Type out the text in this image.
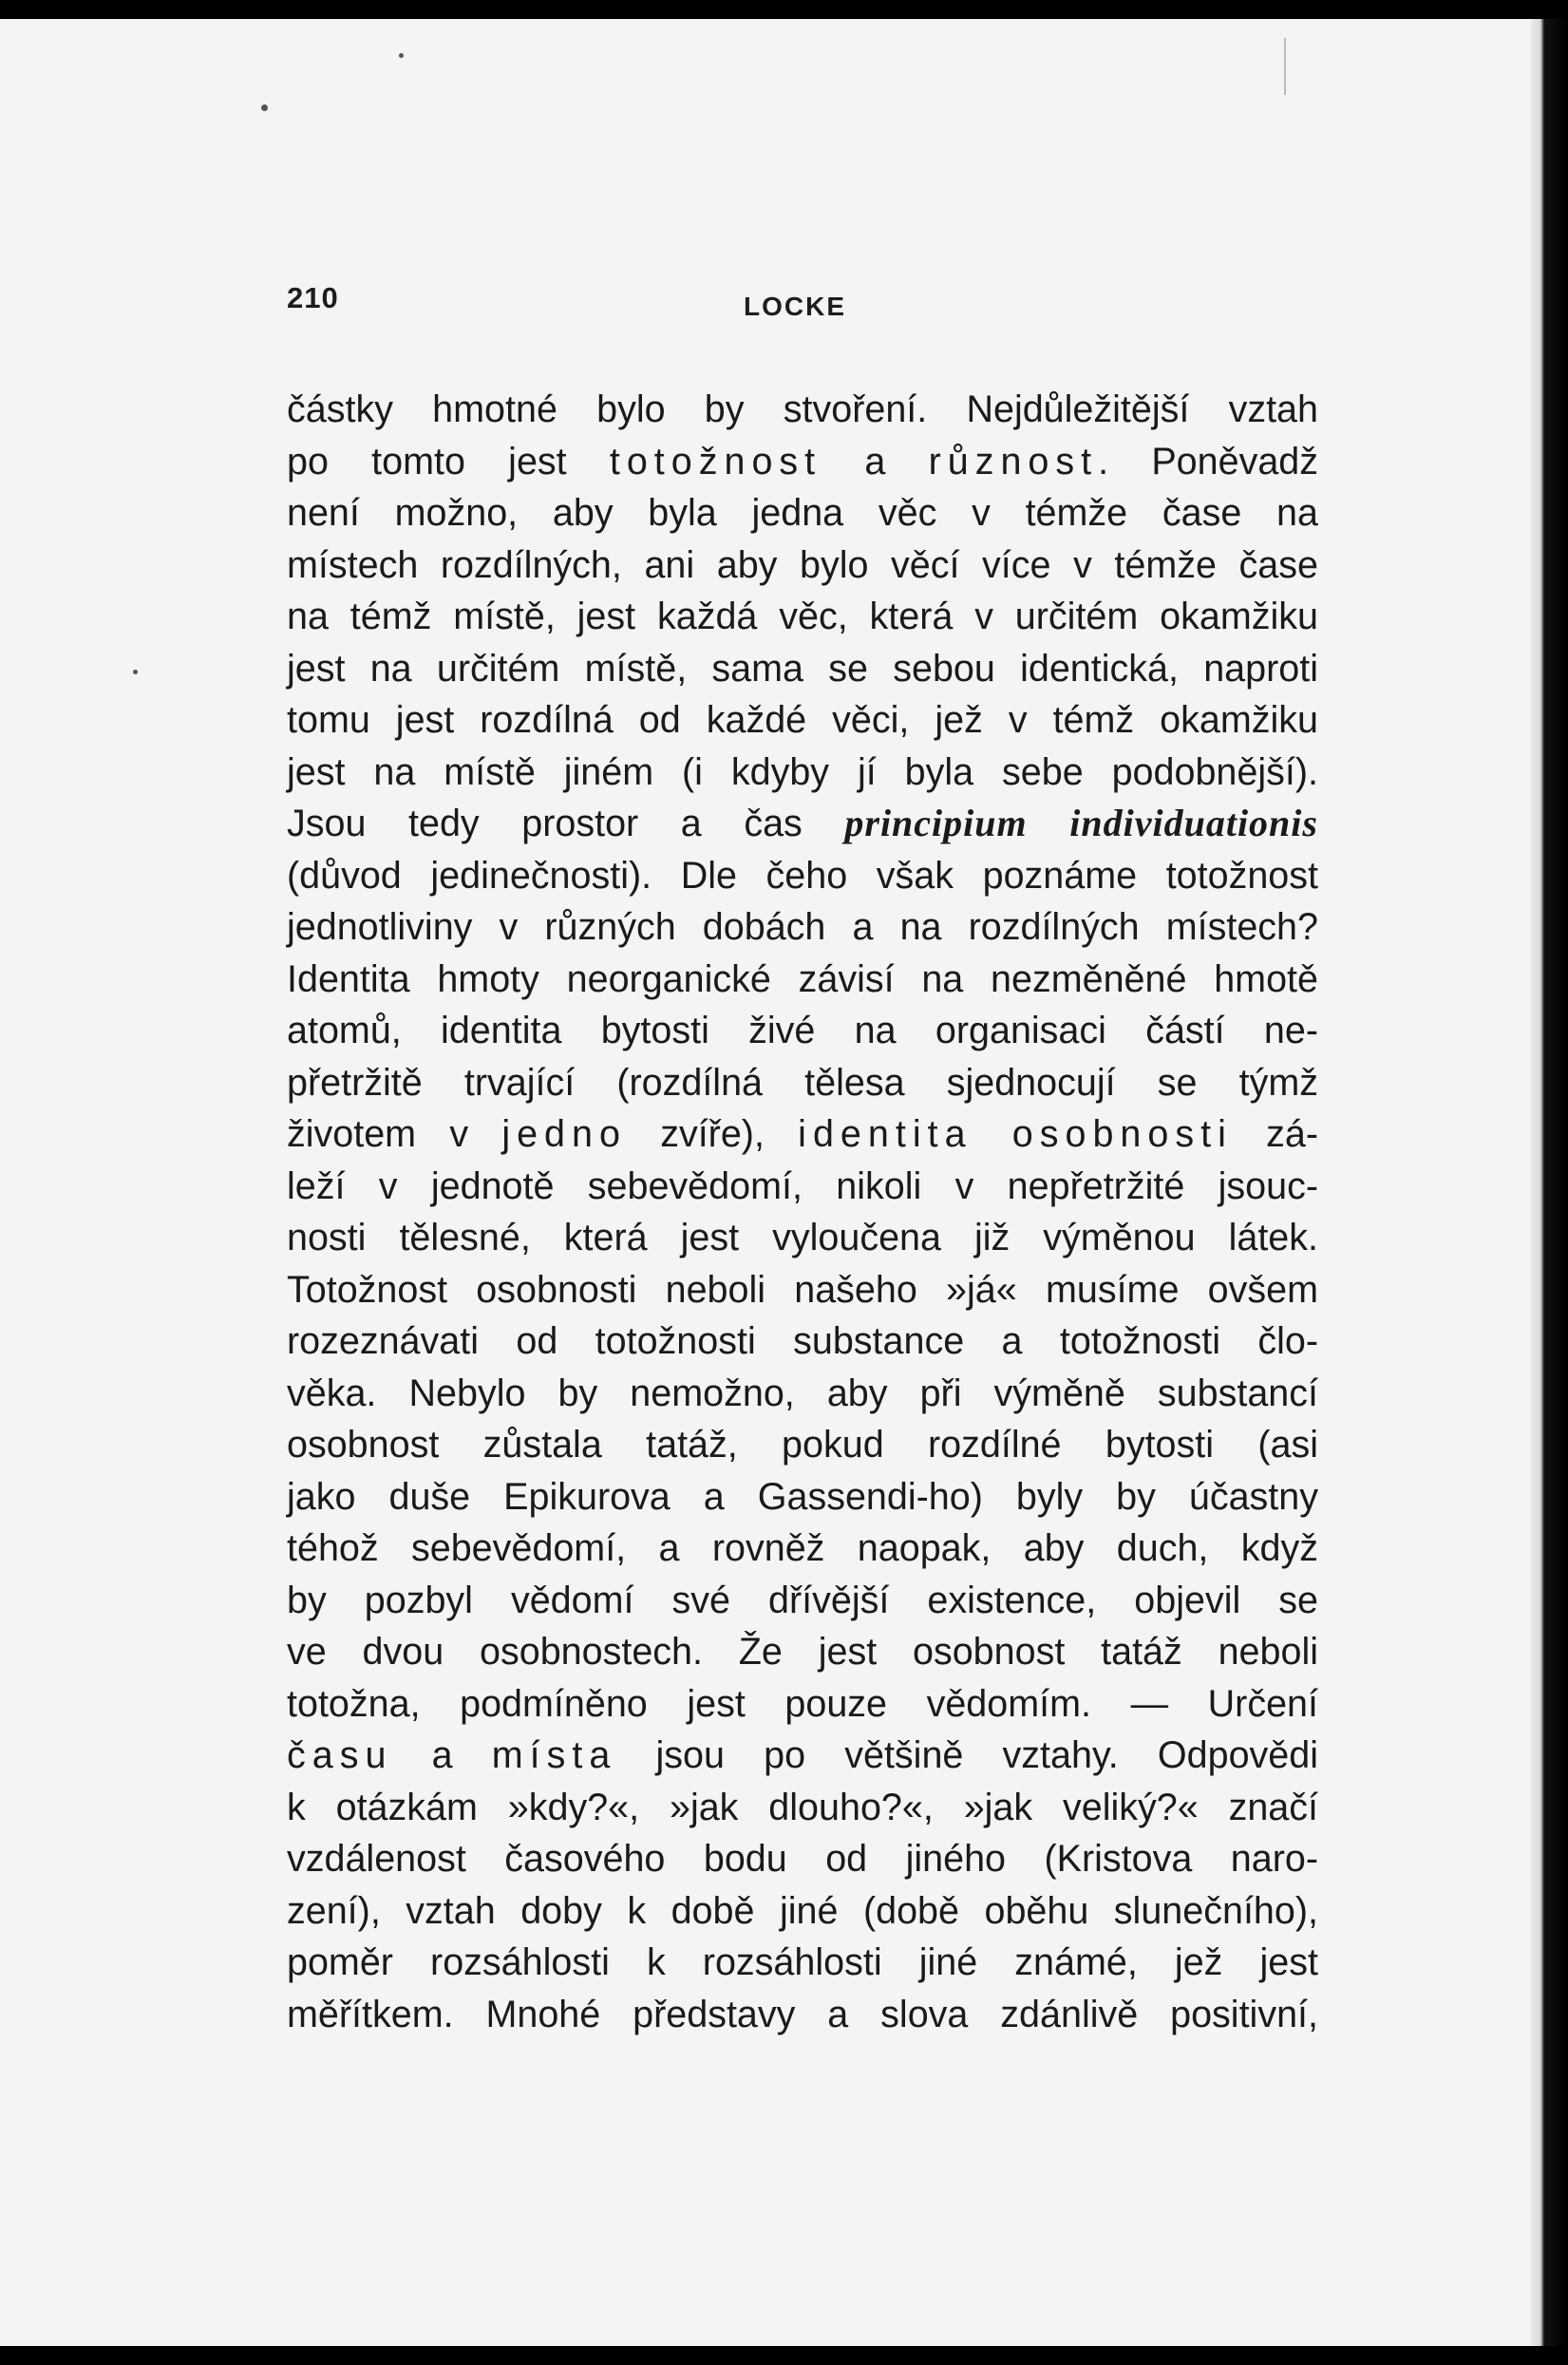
210	LOCKE
částky hmotné bylo by stvoření. Nejdůležitější vztah
po tomto jest totožnost a různost. Poněvadž
není možno, aby byla jedna věc v témže čase na
místech rozdílných, ani aby bylo věcí více v témže čase
na témž místě, jest každá věc, která v určitém okamžiku
jest na určitém místě, sama se sebou identická, naproti
tomu jest rozdílná od každé věci, jež v témž okamžiku
jest na místě jiném (i kdyby jí byla sebe podobnější).
Jsou tedy prostor a čas principium individuationis
(důvod jedinečnosti). Dle čeho však poznáme totožnost
jednotliviny v různých dobách a na rozdílných místech?
Identita hmoty neorganické závisí na nezměněné hmotě
atomů, identita bytosti živé na organisaci částí ne-
přetržitě trvající (rozdílná tělesa sjednocují se týmž
životem v jedno zvíře), identita osobnosti zá-
leží v jednotě sebevědomí, nikoli v nepřetržité jsouc-
nosti tělesné, která jest vyloučena již výměnou látek.
Totožnost osobnosti neboli našeho »já« musíme ovšem
rozeznávati od totožnosti substance a totožnosti člo-
věka. Nebylo by nemožno, aby při výměně substancí
osobnost zůstala tatáž, pokud rozdílné bytosti (asi
jako duše Epikurova a Gassendi-ho) byly by účastny
téhož sebevědomí, a rovněž naopak, aby duch, když
by pozbyl vědomí své dřívější existence, objevil se
ve dvou osobnostech. Že jest osobnost tatáž neboli
totožna, podmíněno jest pouze vědomím. — Určení
času a místa jsou po většině vztahy. Odpovědi
k otázkám »kdy?«, »jak dlouho?«, »jak veliký?« značí
vzdálenost časového bodu od jiného (Kristova naro-
zení), vztah doby k době jiné (době oběhu slunečního),
poměr rozsáhlosti k rozsáhlosti jiné známé, jež jest
měřítkem. Mnohé představy a slova zdánlivě positivní,
